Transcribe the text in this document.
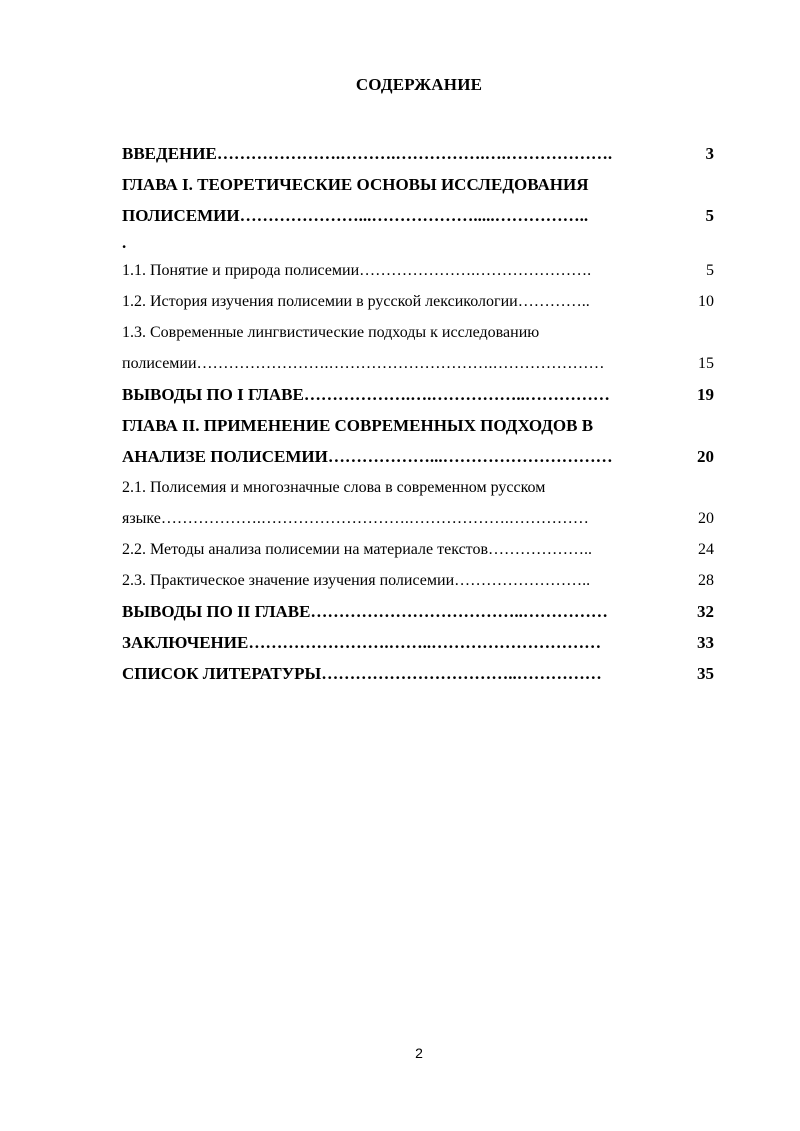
СОДЕРЖАНИЕ
ВВЕДЕНИЕ………………….……….…………….….……………….	3
ГЛАВА I. ТЕОРЕТИЧЕСКИЕ ОСНОВЫ ИССЛЕДОВАНИЯ
ПОЛИСЕМИИ…………………...……………….....……………..	5
.
1.1. Понятие и природа полисемии………………….………………….	5
1.2. История изучения полисемии в русской лексикологии…………..	10
1.3. Современные лингвистические подходы к исследованию
полисемии…………………….………………………….…………………	15
ВЫВОДЫ ПО I ГЛАВЕ……………….….……………..……………	19
ГЛАВА II. ПРИМЕНЕНИЕ СОВРЕМЕННЫХ ПОДХОДОВ В
АНАЛИЗЕ ПОЛИСЕМИИ………………...…………………………	20
2.1. Полисемия и многозначные слова в современном русском
языке……………….……………………….……………….……………	20
2.2. Методы анализа полисемии на материале текстов………………..	24
2.3. Практическое значение изучения полисемии……………………..	28
ВЫВОДЫ ПО II ГЛАВЕ………………………………..……………	32
ЗАКЛЮЧЕНИЕ…………………….……..…………………………	33
СПИСОК ЛИТЕРАТУРЫ……………………………..……………	35
2
